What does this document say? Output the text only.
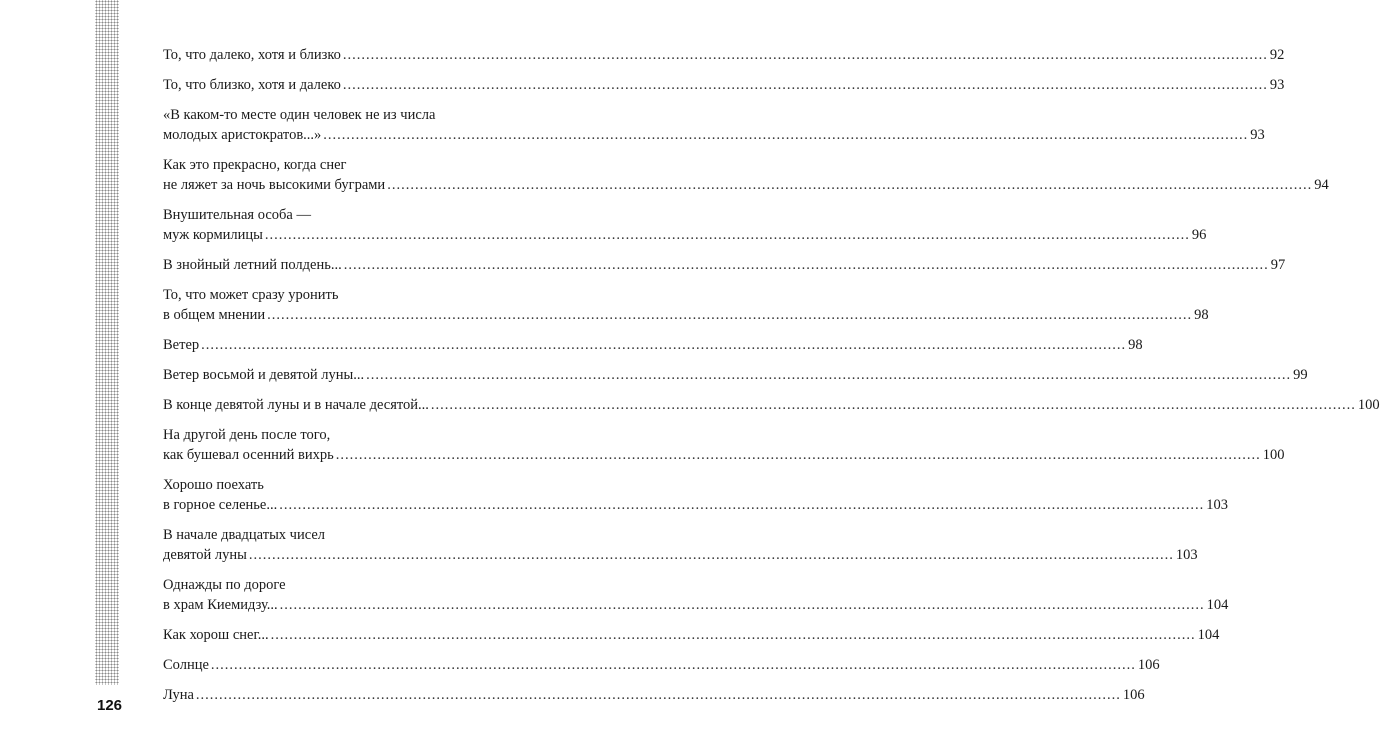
То, что далеко, хотя и близко ........................................................................................................................................................................................................ 92
То, что близко, хотя и далеко ........................................................................................................................................................................................................ 93
«В каком-то месте один человек не из числа
молодых аристократов...» ........................................................................................................................................................................................................ 93
Как это прекрасно, когда снег
не ляжет за ночь высокими буграми ........................................................................................................................................................................................................ 94
Внушительная особа —
муж кормилицы ........................................................................................................................................................................................................ 96
В знойный летний полдень... ........................................................................................................................................................................................................ 97
То, что может сразу уронить
в общем мнении ........................................................................................................................................................................................................ 98
Ветер ........................................................................................................................................................................................................ 98
Ветер восьмой и девятой луны... ........................................................................................................................................................................................................ 99
В конце девятой луны и в начале десятой... ........................................................................................................................................................................................................ 100
На другой день после того,
как бушевал осенний вихрь ........................................................................................................................................................................................................ 100
Хорошо поехать
в горное селенье... ........................................................................................................................................................................................................ 103
В начале двадцатых чисел
девятой луны ........................................................................................................................................................................................................ 103
Однажды по дороге
в храм Киемидзу... ........................................................................................................................................................................................................ 104
Как хорош снег... ........................................................................................................................................................................................................ 104
Солнце ........................................................................................................................................................................................................ 106
Луна ........................................................................................................................................................................................................ 106
126
